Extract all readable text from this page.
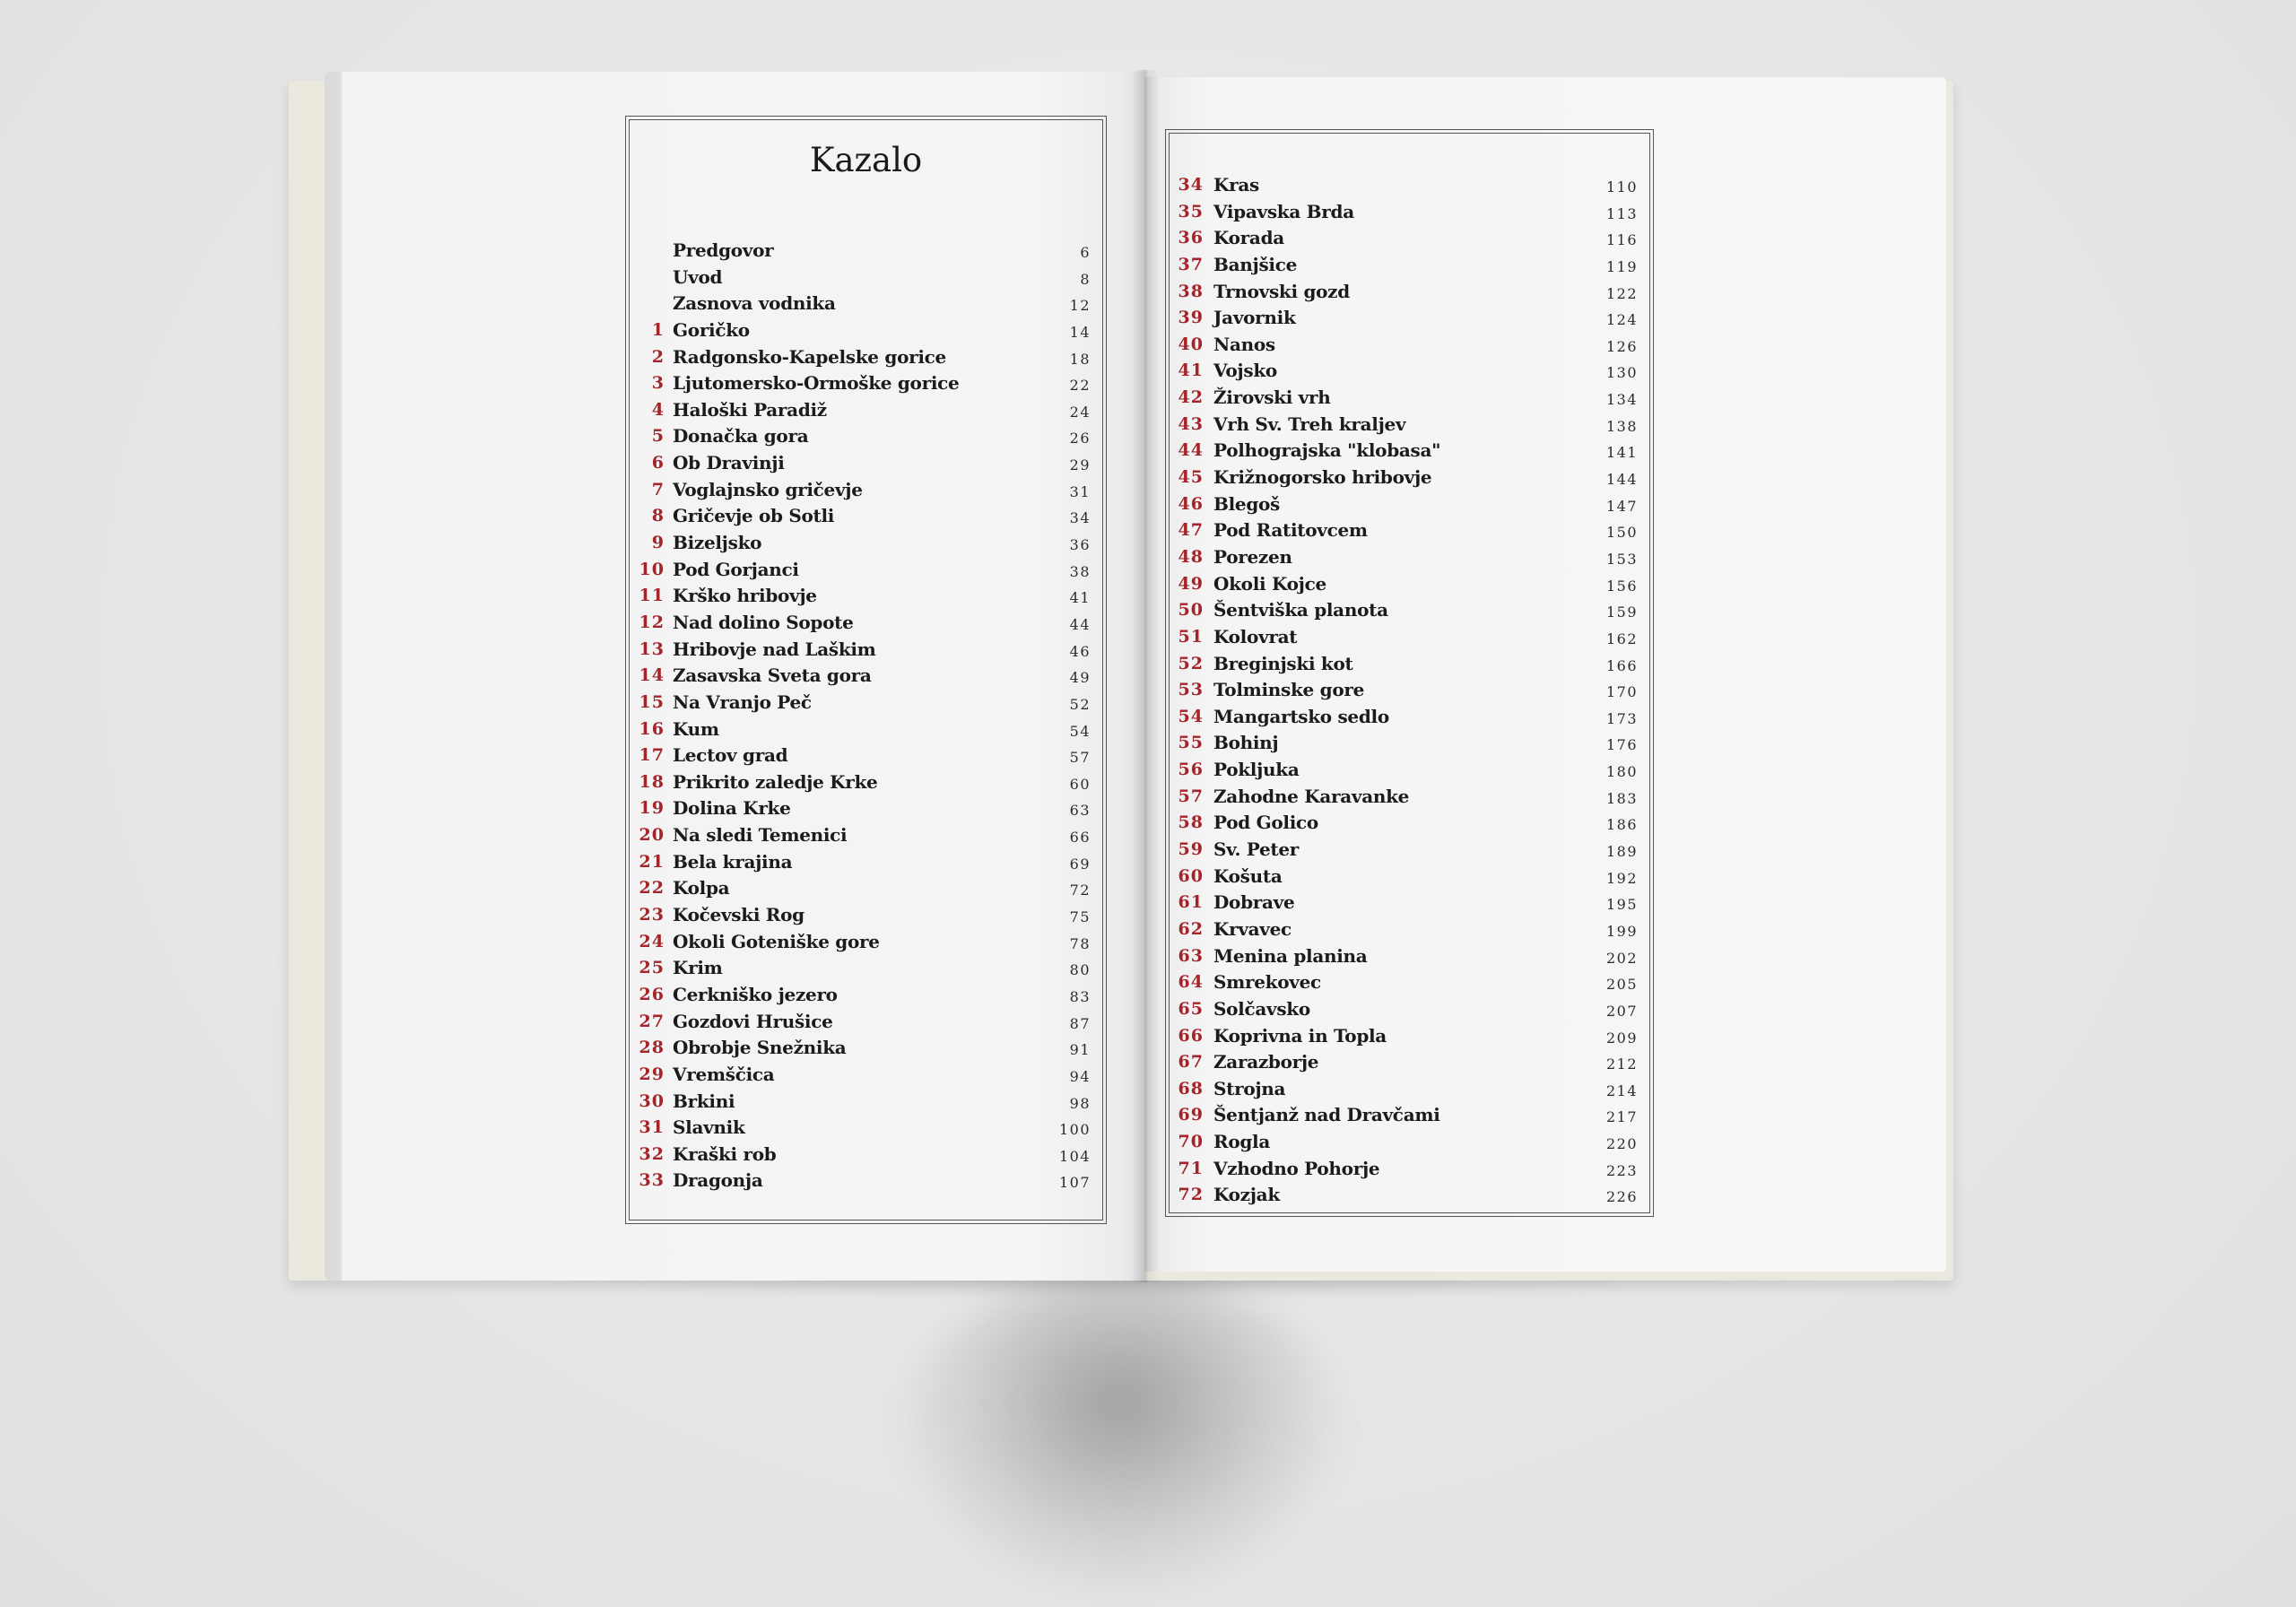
Kazalo
Predgovor	6
Uvod	8
Zasnova vodnika	12
1 Goričko	14
2 Radgonsko-Kapelske gorice	18
3 Ljutomersko-Ormoške gorice	22
4 Haloški Paradiž	24
5 Donačka gora	26
6 Ob Dravinji	29
7 Voglajnsko gričevje	31
8 Gričevje ob Sotli	34
9 Bizeljsko	36
10 Pod Gorjanci	38
11 Krško hribovje	41
12 Nad dolino Sopote	44
13 Hribovje nad Laškim	46
14 Zasavska Sveta gora	49
15 Na Vranjo Peč	52
16 Kum	54
17 Lectov grad	57
18 Prikrito zaledje Krke	60
19 Dolina Krke	63
20 Na sledi Temenici	66
21 Bela krajina	69
22 Kolpa	72
23 Kočevski Rog	75
24 Okoli Goteniške gore	78
25 Krim	80
26 Cerkniško jezero	83
27 Gozdovi Hrušice	87
28 Obrobje Snežnika	91
29 Vremščica	94
30 Brkini	98
31 Slavnik	100
32 Kraški rob	104
33 Dragonja	107
34 Kras	110
35 Vipavska Brda	113
36 Korada	116
37 Banjšice	119
38 Trnovski gozd	122
39 Javornik	124
40 Nanos	126
41 Vojsko	130
42 Žirovski vrh	134
43 Vrh Sv. Treh kraljev	138
44 Polhograjska "klobasa"	141
45 Križnogorsko hribovje	144
46 Blegoš	147
47 Pod Ratitovcem	150
48 Porezen	153
49 Okoli Kojce	156
50 Šentviška planota	159
51 Kolovrat	162
52 Breginjski kot	166
53 Tolminske gore	170
54 Mangartsko sedlo	173
55 Bohinj	176
56 Pokljuka	180
57 Zahodne Karavanke	183
58 Pod Golico	186
59 Sv. Peter	189
60 Košuta	192
61 Dobrave	195
62 Krvavec	199
63 Menina planina	202
64 Smrekovec	205
65 Solčavsko	207
66 Koprivna in Topla	209
67 Zarazborje	212
68 Strojna	214
69 Šentjanž nad Dravčami	217
70 Rogla	220
71 Vzhodno Pohorje	223
72 Kozjak	226
